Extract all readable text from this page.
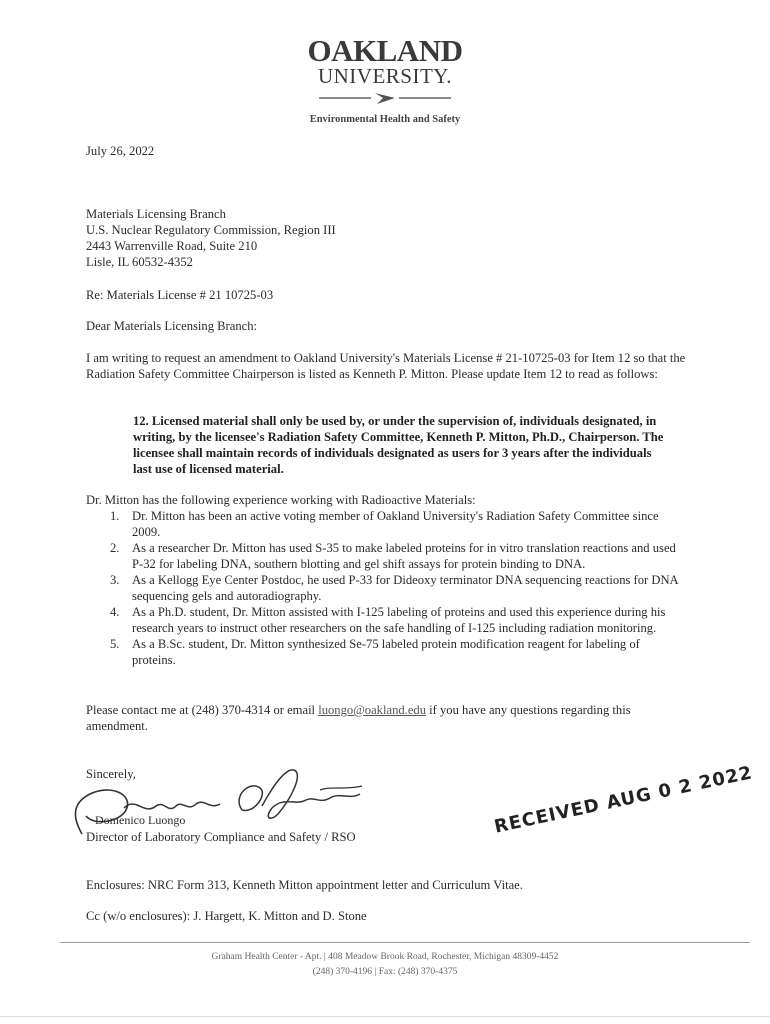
OAKLAND
UNIVERSITY.
Environmental Health and Safety
July 26, 2022

Materials Licensing Branch

U.S. Nuclear Regulatory Commission, Region III

2443 Warrenville Road, Suite 210

Lisle, IL 60532-4352

Re: Materials License # 21 10725-03
Dear Materials Licensing Branch:
I am writing to request an amendment to Oakland University's Materials License # 21-10725-03 for Item 12 so that the Radiation Safety Committee Chairperson is listed as Kenneth P. Mitton. Please update Item 12 to read as follows:
12. Licensed material shall only be used by, or under the supervision of, individuals designated, in writing, by the licensee's Radiation Safety Committee, Kenneth P. Mitton, Ph.D., Chairperson. The licensee shall maintain records of individuals designated as users for 3 years after the individuals last use of licensed material.
Dr. Mitton has the following experience working with Radioactive Materials:
1. Dr. Mitton has been an active voting member of Oakland University's Radiation Safety Committee since 2009.
2. As a researcher Dr. Mitton has used S-35 to make labeled proteins for in vitro translation reactions and used P-32 for labeling DNA, southern blotting and gel shift assays for protein binding to DNA.
3. As a Kellogg Eye Center Postdoc, he used P-33 for Dideoxy terminator DNA sequencing reactions for DNA sequencing gels and autoradiography.
4. As a Ph.D. student, Dr. Mitton assisted with I-125 labeling of proteins and used this experience during his research years to instruct other researchers on the safe handling of I-125 including radiation monitoring.
5. As a B.Sc. student, Dr. Mitton synthesized Se-75 labeled protein modification reagent for labeling of proteins.
Please contact me at (248) 370-4314 or email luongo@oakland.edu if you have any questions regarding this amendment.
Sincerely,
Domenico Luongo
Director of Laboratory Compliance and Safety / RSO	RECEIVED AUG 0 2 2022
Enclosures: NRC Form 313, Kenneth Mitton appointment letter and Curriculum Vitae.
Cc (w/o enclosures): J. Hargett, K. Mitton and D. Stone
Graham Health Center - Apt. | 408 Meadow Brook Road, Rochester, Michigan 48309-4452
(248) 370-4196 | Fax: (248) 370-4375
